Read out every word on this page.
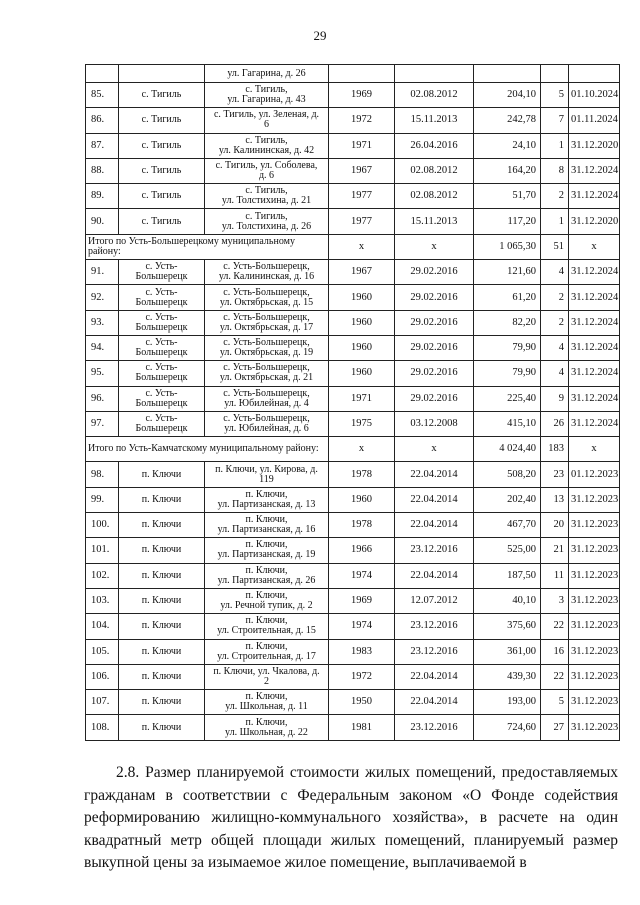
29
		ул. Гагарина, д. 26					
85.	с. Тигиль	с. Тигиль,
ул. Гагарина, д. 43	1969	02.08.2012	204,10	5	01.10.2024
86.	с. Тигиль	с. Тигиль, ул. Зеленая, д.
6	1972	15.11.2013	242,78	7	01.11.2024
87.	с. Тигиль	с. Тигиль,
ул. Калининская, д. 42	1971	26.04.2016	24,10	1	31.12.2020
88.	с. Тигиль	с. Тигиль, ул. Соболева,
д. 6	1967	02.08.2012	164,20	8	31.12.2024
89.	с. Тигиль	с. Тигиль,
ул. Толстихина, д. 21	1977	02.08.2012	51,70	2	31.12.2024
90.	с. Тигиль	с. Тигиль,
ул. Толстихина, д. 26	1977	15.11.2013	117,20	1	31.12.2020
Итого по Усть-Большерецкому муниципальному району:			x	x	1 065,30	51	x
91.	с. Усть-
Большерецк	с. Усть-Большерецк,
ул. Калининская, д. 16	1967	29.02.2016	121,60	4	31.12.2024
92.	с. Усть-
Большерецк	с. Усть-Большерецк,
ул. Октябрьская, д. 15	1960	29.02.2016	61,20	2	31.12.2024
93.	с. Усть-
Большерецк	с. Усть-Большерецк,
ул. Октябрьская, д. 17	1960	29.02.2016	82,20	2	31.12.2024
94.	с. Усть-
Большерецк	с. Усть-Большерецк,
ул. Октябрьская, д. 19	1960	29.02.2016	79,90	4	31.12.2024
95.	с. Усть-
Большерецк	с. Усть-Большерецк,
ул. Октябрьская, д. 21	1960	29.02.2016	79,90	4	31.12.2024
96.	с. Усть-
Большерецк	с. Усть-Большерецк,
ул. Юбилейная, д. 4	1971	29.02.2016	225,40	9	31.12.2024
97.	с. Усть-
Большерецк	с. Усть-Большерецк,
ул. Юбилейная, д. 6	1975	03.12.2008	415,10	26	31.12.2024
Итого по Усть-Камчатскому муниципальному району:			x	x	4 024,40	183	x
98.	п. Ключи	п. Ключи, ул. Кирова, д.
119	1978	22.04.2014	508,20	23	01.12.2023
99.	п. Ключи	п. Ключи,
ул. Партизанская, д. 13	1960	22.04.2014	202,40	13	31.12.2023
100.	п. Ключи	п. Ключи,
ул. Партизанская, д. 16	1978	22.04.2014	467,70	20	31.12.2023
101.	п. Ключи	п. Ключи,
ул. Партизанская, д. 19	1966	23.12.2016	525,00	21	31.12.2023
102.	п. Ключи	п. Ключи,
ул. Партизанская, д. 26	1974	22.04.2014	187,50	11	31.12.2023
103.	п. Ключи	п. Ключи,
ул. Речной тупик, д. 2	1969	12.07.2012	40,10	3	31.12.2023
104.	п. Ключи	п. Ключи,
ул. Строительная, д. 15	1974	23.12.2016	375,60	22	31.12.2023
105.	п. Ключи	п. Ключи,
ул. Строительная, д. 17	1983	23.12.2016	361,00	16	31.12.2023
106.	п. Ключи	п. Ключи, ул. Чкалова, д.
2	1972	22.04.2014	439,30	22	31.12.2023
107.	п. Ключи	п. Ключи,
ул. Школьная, д. 11	1950	22.04.2014	193,00	5	31.12.2023
108.	п. Ключи	п. Ключи,
ул. Школьная, д. 22	1981	23.12.2016	724,60	27	31.12.2023

2.8. Размер планируемой стоимости жилых помещений, предоставляемых гражданам в соответствии с Федеральным законом «О Фонде содействия реформированию жилищно-коммунального хозяйства», в расчете на один квадратный метр общей площади жилых помещений, планируемый размер выкупной цены за изымаемое жилое помещение, выплачиваемой в
